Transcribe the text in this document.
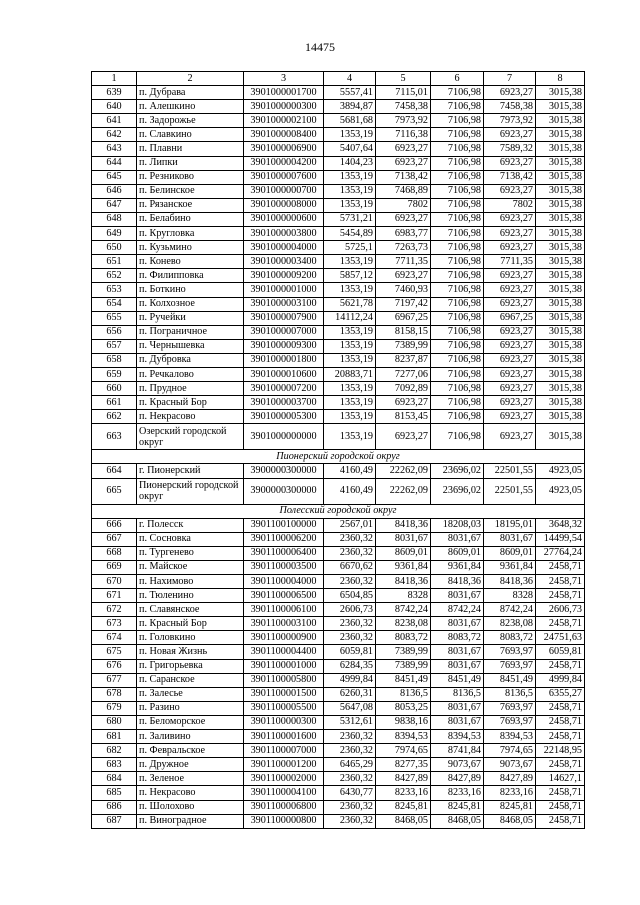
14475
1	2	3	4	5	6	7	8
639	п. Дубрава	3901000001700	5557,41	7115,01	7106,98	6923,27	3015,38
640	п. Алешкино	3901000000300	3894,87	7458,38	7106,98	7458,38	3015,38
641	п. Задорожье	3901000002100	5681,68	7973,92	7106,98	7973,92	3015,38
642	п. Славкино	3901000008400	1353,19	7116,38	7106,98	6923,27	3015,38
643	п. Плавни	3901000006900	5407,64	6923,27	7106,98	7589,32	3015,38
644	п. Липки	3901000004200	1404,23	6923,27	7106,98	6923,27	3015,38
645	п. Резниково	3901000007600	1353,19	7138,42	7106,98	7138,42	3015,38
646	п. Белинское	3901000000700	1353,19	7468,89	7106,98	6923,27	3015,38
647	п. Рязанское	3901000008000	1353,19	7802	7106,98	7802	3015,38
648	п. Белабино	3901000000600	5731,21	6923,27	7106,98	6923,27	3015,38
649	п. Кругловка	3901000003800	5454,89	6983,77	7106,98	6923,27	3015,38
650	п. Кузьмино	3901000004000	5725,1	7263,73	7106,98	6923,27	3015,38
651	п. Конево	3901000003400	1353,19	7711,35	7106,98	7711,35	3015,38
652	п. Филипповка	3901000009200	5857,12	6923,27	7106,98	6923,27	3015,38
653	п. Боткино	3901000001000	1353,19	7460,93	7106,98	6923,27	3015,38
654	п. Колхозное	3901000003100	5621,78	7197,42	7106,98	6923,27	3015,38
655	п. Ручейки	3901000007900	14112,24	6967,25	7106,98	6967,25	3015,38
656	п. Пограничное	3901000007000	1353,19	8158,15	7106,98	6923,27	3015,38
657	п. Чернышевка	3901000009300	1353,19	7389,99	7106,98	6923,27	3015,38
658	п. Дубровка	3901000001800	1353,19	8237,87	7106,98	6923,27	3015,38
659	п. Речкалово	3901000010600	20883,71	7277,06	7106,98	6923,27	3015,38
660	п. Прудное	3901000007200	1353,19	7092,89	7106,98	6923,27	3015,38
661	п. Красный Бор	3901000003700	1353,19	6923,27	7106,98	6923,27	3015,38
662	п. Некрасово	3901000005300	1353,19	8153,45	7106,98	6923,27	3015,38
663	Озерский городской округ	3901000000000	1353,19	6923,27	7106,98	6923,27	3015,38
Пионерский городской округ							
664	г. Пионерский	3900000300000	4160,49	22262,09	23696,02	22501,55	4923,05
665	Пионерский городской округ	3900000300000	4160,49	22262,09	23696,02	22501,55	4923,05
Полесский городской округ							
666	г. Полесск	3901100100000	2567,01	8418,36	18208,03	18195,01	3648,32
667	п. Сосновка	3901100006200	2360,32	8031,67	8031,67	8031,67	14499,54
668	п. Тургенево	3901100006400	2360,32	8609,01	8609,01	8609,01	27764,24
669	п. Майское	3901100003500	6670,62	9361,84	9361,84	9361,84	2458,71
670	п. Нахимово	3901100004000	2360,32	8418,36	8418,36	8418,36	2458,71
671	п. Тюленино	3901100006500	6504,85	8328	8031,67	8328	2458,71
672	п. Славянское	3901100006100	2606,73	8742,24	8742,24	8742,24	2606,73
673	п. Красный Бор	3901100003100	2360,32	8238,08	8031,67	8238,08	2458,71
674	п. Головкино	3901100000900	2360,32	8083,72	8083,72	8083,72	24751,63
675	п. Новая Жизнь	3901100004400	6059,81	7389,99	8031,67	7693,97	6059,81
676	п. Григорьевка	3901100001000	6284,35	7389,99	8031,67	7693,97	2458,71
677	п. Саранское	3901100005800	4999,84	8451,49	8451,49	8451,49	4999,84
678	п. Залесье	3901100001500	6260,31	8136,5	8136,5	8136,5	6355,27
679	п. Разино	3901100005500	5647,08	8053,25	8031,67	7693,97	2458,71
680	п. Беломорское	3901100000300	5312,61	9838,16	8031,67	7693,97	2458,71
681	п. Заливино	3901100001600	2360,32	8394,53	8394,53	8394,53	2458,71
682	п. Февральское	3901100007000	2360,32	7974,65	8741,84	7974,65	22148,95
683	п. Дружное	3901100001200	6465,29	8277,35	9073,67	9073,67	2458,71
684	п. Зеленое	3901100002000	2360,32	8427,89	8427,89	8427,89	14627,1
685	п. Некрасово	3901100004100	6430,77	8233,16	8233,16	8233,16	2458,71
686	п. Шолохово	3901100006800	2360,32	8245,81	8245,81	8245,81	2458,71
687	п. Виноградное	3901100000800	2360,32	8468,05	8468,05	8468,05	2458,71
